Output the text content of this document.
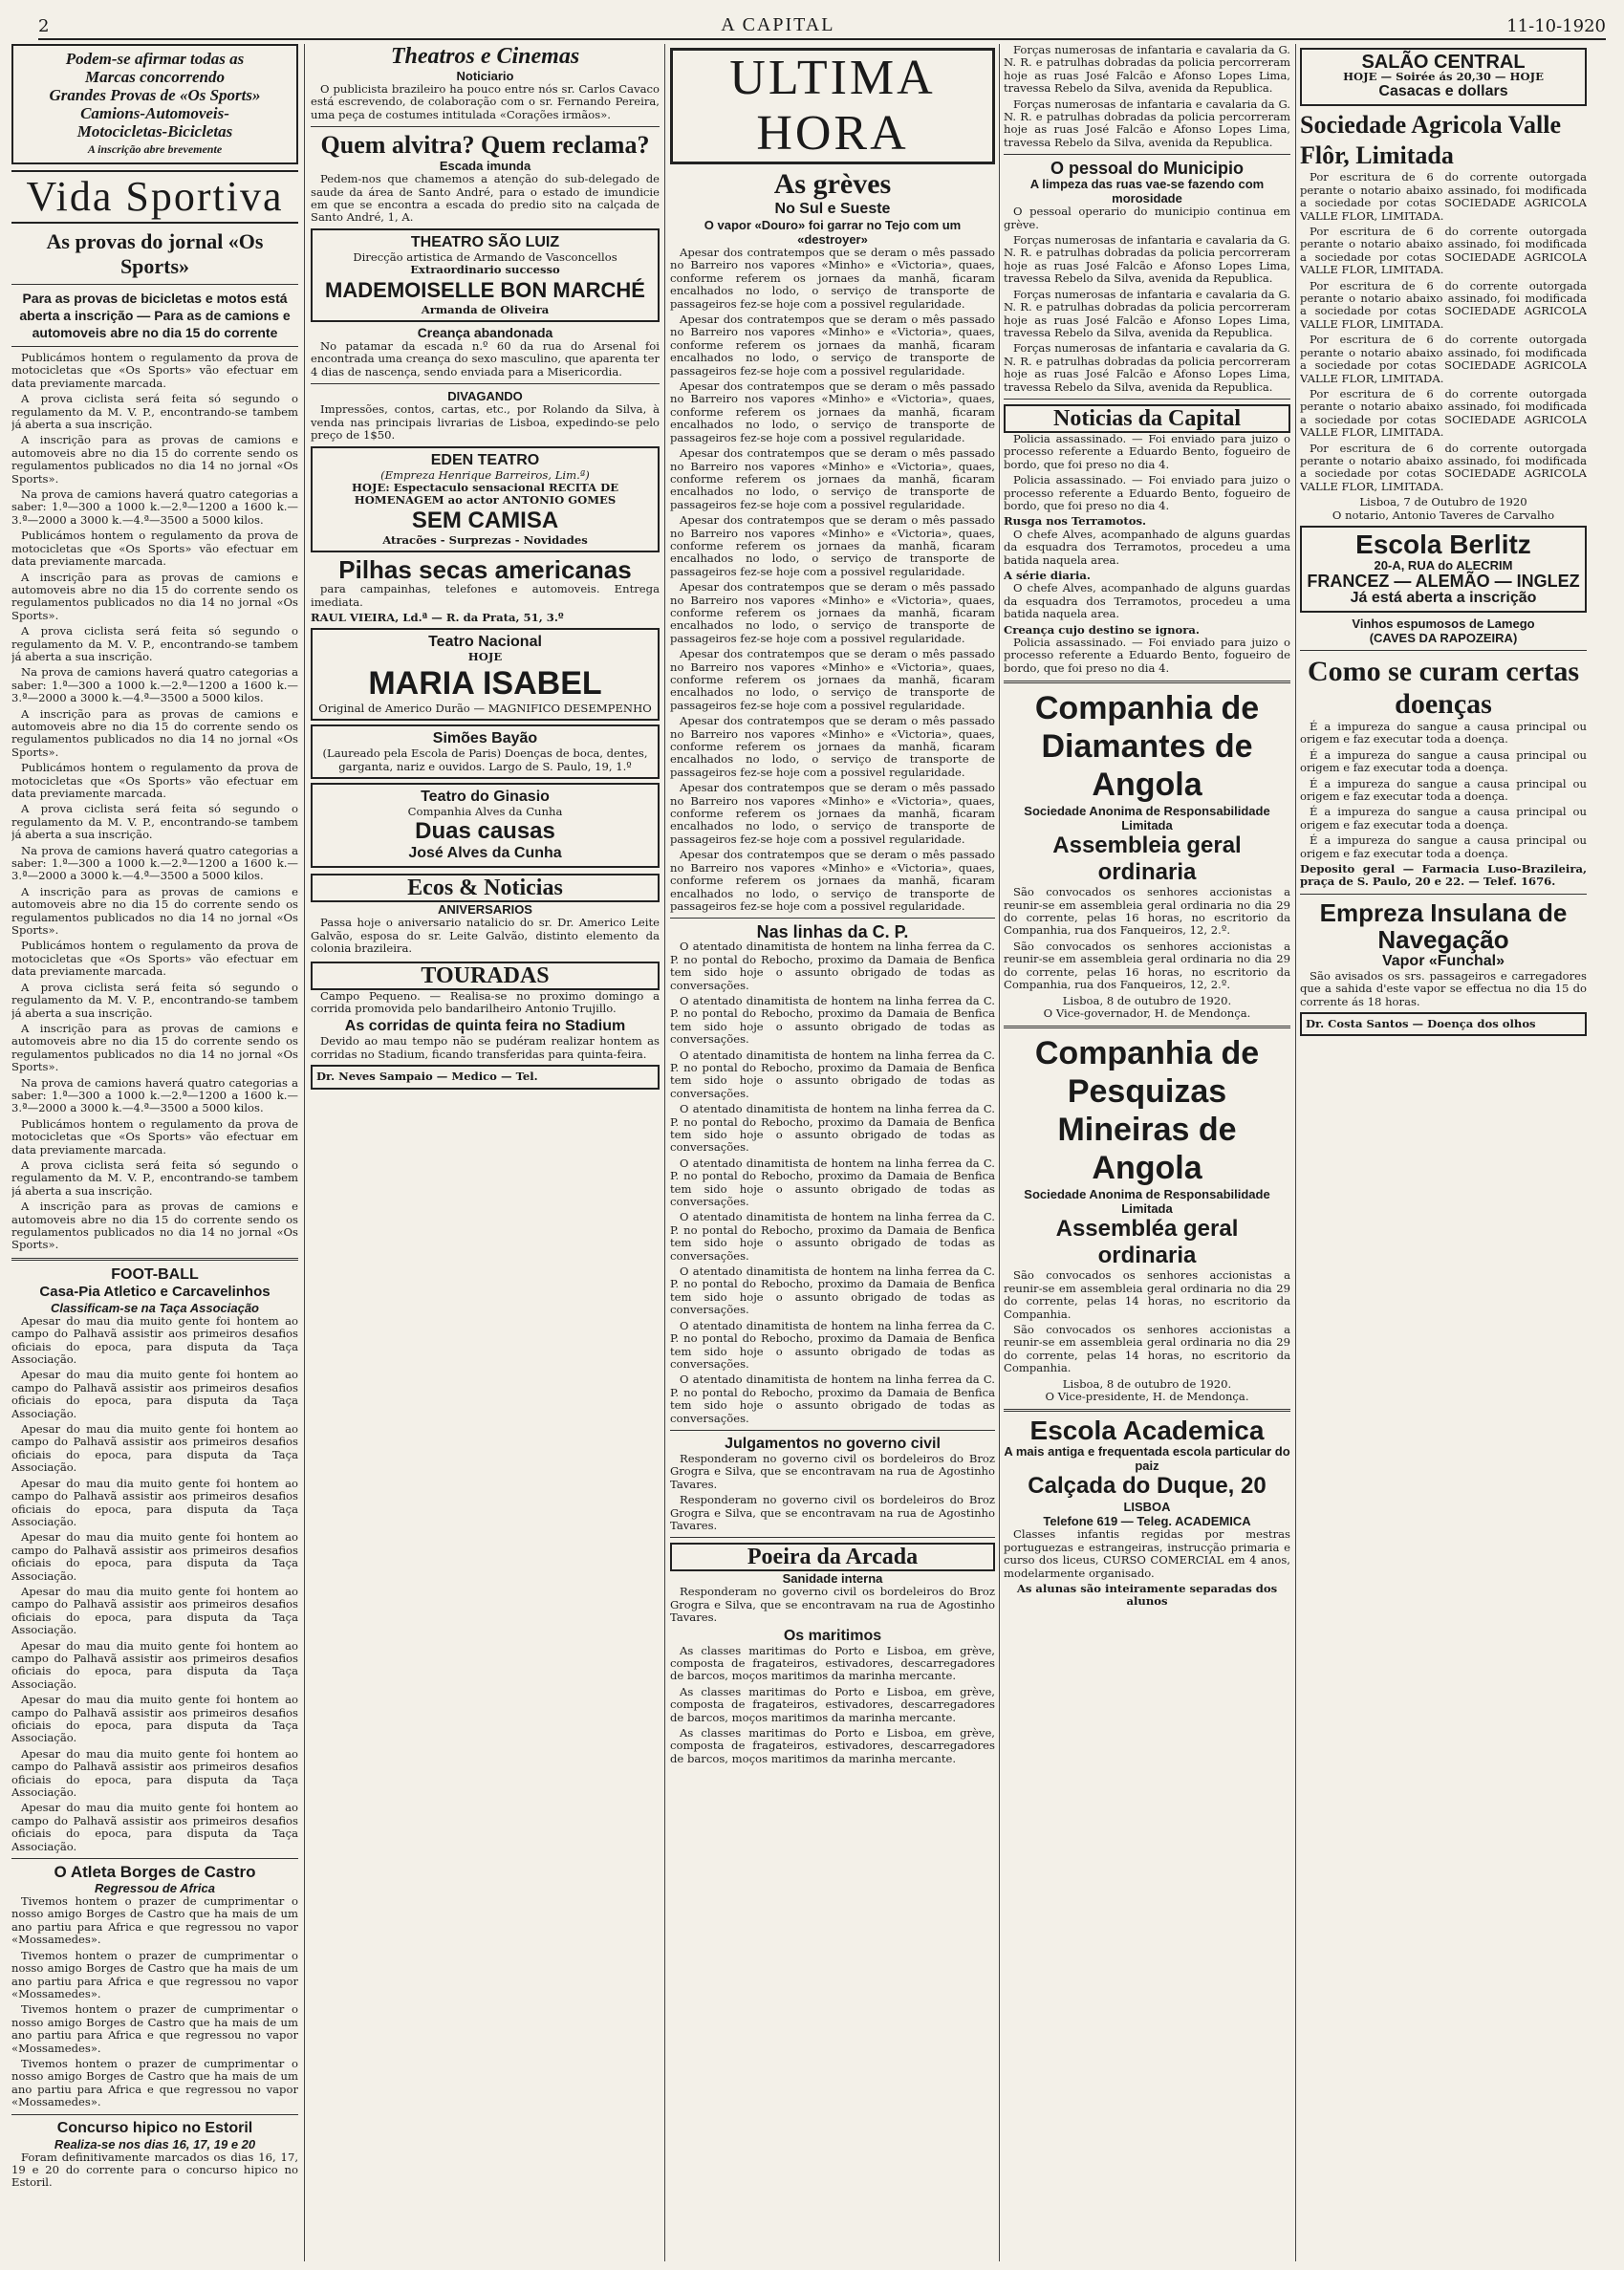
2	A CAPITAL	11-10-1920
Podem-se afirmar todas as
Marcas concorrendo
Grandes Provas de «Os Sports»
Camions-Automoveis-
Motocicletas-Bicicletas
A inscrição abre brevemente
Vida Sportiva
As provas do jornal «Os Sports»
Para as provas de bicicletas e motos está aberta a inscrição — Para as de camions e automoveis abre no dia 15 do corrente

Publicámos hontem o regulamento da prova de motocicletas que «Os Sports» vão efectuar em data previamente marcada.

A prova ciclista será feita só segundo o regulamento da M. V. P., encontrando-se tambem já aberta a sua inscrição.

A inscrição para as provas de camions e automoveis abre no dia 15 do corrente sendo os regulamentos publicados no dia 14 no jornal «Os Sports».

Na prova de camions haverá quatro categorias a saber: 1.ª—300 a 1000 k.—2.ª—1200 a 1600 k.—3.ª—2000 a 3000 k.—4.ª—3500 a 5000 kilos.

Publicámos hontem o regulamento da prova de motocicletas que «Os Sports» vão efectuar em data previamente marcada.

A inscrição para as provas de camions e automoveis abre no dia 15 do corrente sendo os regulamentos publicados no dia 14 no jornal «Os Sports».

A prova ciclista será feita só segundo o regulamento da M. V. P., encontrando-se tambem já aberta a sua inscrição.

Na prova de camions haverá quatro categorias a saber: 1.ª—300 a 1000 k.—2.ª—1200 a 1600 k.—3.ª—2000 a 3000 k.—4.ª—3500 a 5000 kilos.

A inscrição para as provas de camions e automoveis abre no dia 15 do corrente sendo os regulamentos publicados no dia 14 no jornal «Os Sports».

Publicámos hontem o regulamento da prova de motocicletas que «Os Sports» vão efectuar em data previamente marcada.

A prova ciclista será feita só segundo o regulamento da M. V. P., encontrando-se tambem já aberta a sua inscrição.

Na prova de camions haverá quatro categorias a saber: 1.ª—300 a 1000 k.—2.ª—1200 a 1600 k.—3.ª—2000 a 3000 k.—4.ª—3500 a 5000 kilos.

A inscrição para as provas de camions e automoveis abre no dia 15 do corrente sendo os regulamentos publicados no dia 14 no jornal «Os Sports».

Publicámos hontem o regulamento da prova de motocicletas que «Os Sports» vão efectuar em data previamente marcada.

A prova ciclista será feita só segundo o regulamento da M. V. P., encontrando-se tambem já aberta a sua inscrição.

A inscrição para as provas de camions e automoveis abre no dia 15 do corrente sendo os regulamentos publicados no dia 14 no jornal «Os Sports».

Na prova de camions haverá quatro categorias a saber: 1.ª—300 a 1000 k.—2.ª—1200 a 1600 k.—3.ª—2000 a 3000 k.—4.ª—3500 a 5000 kilos.

Publicámos hontem o regulamento da prova de motocicletas que «Os Sports» vão efectuar em data previamente marcada.

A prova ciclista será feita só segundo o regulamento da M. V. P., encontrando-se tambem já aberta a sua inscrição.

A inscrição para as provas de camions e automoveis abre no dia 15 do corrente sendo os regulamentos publicados no dia 14 no jornal «Os Sports».

FOOT-BALL
Casa-Pia Atletico e Carcavelinhos
Classificam-se na Taça Associação

Apesar do mau dia muito gente foi hontem ao campo do Palhavã assistir aos primeiros desafios oficiais do epoca, para disputa da Taça Associação.

Apesar do mau dia muito gente foi hontem ao campo do Palhavã assistir aos primeiros desafios oficiais do epoca, para disputa da Taça Associação.

Apesar do mau dia muito gente foi hontem ao campo do Palhavã assistir aos primeiros desafios oficiais do epoca, para disputa da Taça Associação.

Apesar do mau dia muito gente foi hontem ao campo do Palhavã assistir aos primeiros desafios oficiais do epoca, para disputa da Taça Associação.

Apesar do mau dia muito gente foi hontem ao campo do Palhavã assistir aos primeiros desafios oficiais do epoca, para disputa da Taça Associação.

Apesar do mau dia muito gente foi hontem ao campo do Palhavã assistir aos primeiros desafios oficiais do epoca, para disputa da Taça Associação.

Apesar do mau dia muito gente foi hontem ao campo do Palhavã assistir aos primeiros desafios oficiais do epoca, para disputa da Taça Associação.

Apesar do mau dia muito gente foi hontem ao campo do Palhavã assistir aos primeiros desafios oficiais do epoca, para disputa da Taça Associação.

Apesar do mau dia muito gente foi hontem ao campo do Palhavã assistir aos primeiros desafios oficiais do epoca, para disputa da Taça Associação.

Apesar do mau dia muito gente foi hontem ao campo do Palhavã assistir aos primeiros desafios oficiais do epoca, para disputa da Taça Associação.

O Atleta Borges de Castro
Regressou de Africa

Tivemos hontem o prazer de cumprimentar o nosso amigo Borges de Castro que ha mais de um ano partiu para Africa e que regressou no vapor «Mossamedes».

Tivemos hontem o prazer de cumprimentar o nosso amigo Borges de Castro que ha mais de um ano partiu para Africa e que regressou no vapor «Mossamedes».

Tivemos hontem o prazer de cumprimentar o nosso amigo Borges de Castro que ha mais de um ano partiu para Africa e que regressou no vapor «Mossamedes».

Tivemos hontem o prazer de cumprimentar o nosso amigo Borges de Castro que ha mais de um ano partiu para Africa e que regressou no vapor «Mossamedes».

Concurso hipico no Estoril
Realiza-se nos dias 16, 17, 19 e 20

Foram definitivamente marcados os dias 16, 17, 19 e 20 do corrente para o concurso hipico no Estoril.

Theatros e Cinemas
Noticiario

O publicista brazileiro ha pouco entre nós sr. Carlos Cavaco está escrevendo, de colaboração com o sr. Fernando Pereira, uma peça de costumes intitulada «Corações irmãos».

Quem alvitra? Quem reclama?
Escada imunda

Pedem-nos que chamemos a atenção do sub-delegado de saude da área de Santo André, para o estado de imundicie em que se encontra a escada do predio sito na calçada de Santo André, 1, A.

THEATRO SÃO LUIZ
Direcção artistica de Armando de Vasconcellos
Extraordinario successo
MADEMOISELLE BON MARCHÉ
Armanda de Oliveira
Creança abandonada

No patamar da escada n.º 60 da rua do Arsenal foi encontrada uma creança do sexo masculino, que aparenta ter 4 dias de nascença, sendo enviada para a Misericordia.

DIVAGANDO

Impressões, contos, cartas, etc., por Rolando da Silva, à venda nas principais livrarias de Lisboa, expedindo-se pelo preço de 1$50.

EDEN TEATRO
(Empreza Henrique Barreiros, Lim.ª)
HOJE: Espectaculo sensacional RECITA DE HOMENAGEM ao actor ANTONIO GOMES
SEM CAMISA
Atracões - Surprezas - Novidades
Pilhas secas americanas

para campainhas, telefones e automoveis. Entrega imediata.

RAUL VIEIRA, Ld.ª — R. da Prata, 51, 3.º
Teatro Nacional
HOJE
MARIA ISABEL
Original de Americo Durão — MAGNIFICO DESEMPENHO
Simões Bayão
(Laureado pela Escola de Paris) Doenças de boca, dentes, garganta, nariz e ouvidos. Largo de S. Paulo, 19, 1.º
Teatro do Ginasio
Companhia Alves da Cunha
Duas causas
José Alves da Cunha
Ecos & Noticias
ANIVERSARIOS

Passa hoje o aniversario natalicio do sr. Dr. Americo Leite Galvão, esposa do sr. Leite Galvão, distinto elemento da colonia brazileira.

TOURADAS

Campo Pequeno. — Realisa-se no proximo domingo a corrida promovida pelo bandarilheiro Antonio Trujillo.

As corridas de quinta feira no Stadium

Devido ao mau tempo não se pudéram realizar hontem as corridas no Stadium, ficando transferidas para quinta-feira.

Dr. Neves Sampaio — Medico — Tel.
ULTIMA HORA
As grèves
No Sul e Sueste
O vapor «Douro» foi garrar no Tejo com um «destroyer»

Apesar dos contratempos que se deram o mês passado no Barreiro nos vapores «Minho» e «Victoria», quaes, conforme referem os jornaes da manhã, ficaram encalhados no lodo, o serviço de transporte de passageiros fez-se hoje com a possivel regularidade.

Apesar dos contratempos que se deram o mês passado no Barreiro nos vapores «Minho» e «Victoria», quaes, conforme referem os jornaes da manhã, ficaram encalhados no lodo, o serviço de transporte de passageiros fez-se hoje com a possivel regularidade.

Apesar dos contratempos que se deram o mês passado no Barreiro nos vapores «Minho» e «Victoria», quaes, conforme referem os jornaes da manhã, ficaram encalhados no lodo, o serviço de transporte de passageiros fez-se hoje com a possivel regularidade.

Apesar dos contratempos que se deram o mês passado no Barreiro nos vapores «Minho» e «Victoria», quaes, conforme referem os jornaes da manhã, ficaram encalhados no lodo, o serviço de transporte de passageiros fez-se hoje com a possivel regularidade.

Apesar dos contratempos que se deram o mês passado no Barreiro nos vapores «Minho» e «Victoria», quaes, conforme referem os jornaes da manhã, ficaram encalhados no lodo, o serviço de transporte de passageiros fez-se hoje com a possivel regularidade.

Apesar dos contratempos que se deram o mês passado no Barreiro nos vapores «Minho» e «Victoria», quaes, conforme referem os jornaes da manhã, ficaram encalhados no lodo, o serviço de transporte de passageiros fez-se hoje com a possivel regularidade.

Apesar dos contratempos que se deram o mês passado no Barreiro nos vapores «Minho» e «Victoria», quaes, conforme referem os jornaes da manhã, ficaram encalhados no lodo, o serviço de transporte de passageiros fez-se hoje com a possivel regularidade.

Apesar dos contratempos que se deram o mês passado no Barreiro nos vapores «Minho» e «Victoria», quaes, conforme referem os jornaes da manhã, ficaram encalhados no lodo, o serviço de transporte de passageiros fez-se hoje com a possivel regularidade.

Apesar dos contratempos que se deram o mês passado no Barreiro nos vapores «Minho» e «Victoria», quaes, conforme referem os jornaes da manhã, ficaram encalhados no lodo, o serviço de transporte de passageiros fez-se hoje com a possivel regularidade.

Apesar dos contratempos que se deram o mês passado no Barreiro nos vapores «Minho» e «Victoria», quaes, conforme referem os jornaes da manhã, ficaram encalhados no lodo, o serviço de transporte de passageiros fez-se hoje com a possivel regularidade.

Nas linhas da C. P.

O atentado dinamitista de hontem na linha ferrea da C. P. no pontal do Rebocho, proximo da Damaia de Benfica tem sido hoje o assunto obrigado de todas as conversações.

O atentado dinamitista de hontem na linha ferrea da C. P. no pontal do Rebocho, proximo da Damaia de Benfica tem sido hoje o assunto obrigado de todas as conversações.

O atentado dinamitista de hontem na linha ferrea da C. P. no pontal do Rebocho, proximo da Damaia de Benfica tem sido hoje o assunto obrigado de todas as conversações.

O atentado dinamitista de hontem na linha ferrea da C. P. no pontal do Rebocho, proximo da Damaia de Benfica tem sido hoje o assunto obrigado de todas as conversações.

O atentado dinamitista de hontem na linha ferrea da C. P. no pontal do Rebocho, proximo da Damaia de Benfica tem sido hoje o assunto obrigado de todas as conversações.

O atentado dinamitista de hontem na linha ferrea da C. P. no pontal do Rebocho, proximo da Damaia de Benfica tem sido hoje o assunto obrigado de todas as conversações.

O atentado dinamitista de hontem na linha ferrea da C. P. no pontal do Rebocho, proximo da Damaia de Benfica tem sido hoje o assunto obrigado de todas as conversações.

O atentado dinamitista de hontem na linha ferrea da C. P. no pontal do Rebocho, proximo da Damaia de Benfica tem sido hoje o assunto obrigado de todas as conversações.

O atentado dinamitista de hontem na linha ferrea da C. P. no pontal do Rebocho, proximo da Damaia de Benfica tem sido hoje o assunto obrigado de todas as conversações.

Julgamentos no governo civil

Responderam no governo civil os bordeleiros do Broz Grogra e Silva, que se encontravam na rua de Agostinho Tavares.

Responderam no governo civil os bordeleiros do Broz Grogra e Silva, que se encontravam na rua de Agostinho Tavares.

Poeira da Arcada
Sanidade interna

Responderam no governo civil os bordeleiros do Broz Grogra e Silva, que se encontravam na rua de Agostinho Tavares.

Os maritimos

As classes maritimas do Porto e Lisboa, em grève, composta de fragateiros, estivadores, descarregadores de barcos, moços maritimos da marinha mercante.

As classes maritimas do Porto e Lisboa, em grève, composta de fragateiros, estivadores, descarregadores de barcos, moços maritimos da marinha mercante.

As classes maritimas do Porto e Lisboa, em grève, composta de fragateiros, estivadores, descarregadores de barcos, moços maritimos da marinha mercante.

Forças numerosas de infantaria e cavalaria da G. N. R. e patrulhas dobradas da policia percorreram hoje as ruas José Falcão e Afonso Lopes Lima, travessa Rebelo da Silva, avenida da Republica.

Forças numerosas de infantaria e cavalaria da G. N. R. e patrulhas dobradas da policia percorreram hoje as ruas José Falcão e Afonso Lopes Lima, travessa Rebelo da Silva, avenida da Republica.

O pessoal do Municipio
A limpeza das ruas vae-se fazendo com morosidade

O pessoal operario do municipio continua em grève.

Forças numerosas de infantaria e cavalaria da G. N. R. e patrulhas dobradas da policia percorreram hoje as ruas José Falcão e Afonso Lopes Lima, travessa Rebelo da Silva, avenida da Republica.

Forças numerosas de infantaria e cavalaria da G. N. R. e patrulhas dobradas da policia percorreram hoje as ruas José Falcão e Afonso Lopes Lima, travessa Rebelo da Silva, avenida da Republica.

Forças numerosas de infantaria e cavalaria da G. N. R. e patrulhas dobradas da policia percorreram hoje as ruas José Falcão e Afonso Lopes Lima, travessa Rebelo da Silva, avenida da Republica.

Noticias da Capital

Policia assassinado. — Foi enviado para juizo o processo referente a Eduardo Bento, fogueiro de bordo, que foi preso no dia 4.

Policia assassinado. — Foi enviado para juizo o processo referente a Eduardo Bento, fogueiro de bordo, que foi preso no dia 4.

Rusga nos Terramotos.

O chefe Alves, acompanhado de alguns guardas da esquadra dos Terramotos, procedeu a uma batida naquela area.

A série diaria.

O chefe Alves, acompanhado de alguns guardas da esquadra dos Terramotos, procedeu a uma batida naquela area.

Creança cujo destino se ignora.

Policia assassinado. — Foi enviado para juizo o processo referente a Eduardo Bento, fogueiro de bordo, que foi preso no dia 4.

Companhia de Diamantes de Angola
Sociedade Anonima de Responsabilidade Limitada
Assembleia geral ordinaria

São convocados os senhores accionistas a reunir-se em assembleia geral ordinaria no dia 29 do corrente, pelas 16 horas, no escritorio da Companhia, rua dos Fanqueiros, 12, 2.º.

São convocados os senhores accionistas a reunir-se em assembleia geral ordinaria no dia 29 do corrente, pelas 16 horas, no escritorio da Companhia, rua dos Fanqueiros, 12, 2.º.

Lisboa, 8 de outubro de 1920.
O Vice-governador, H. de Mendonça.
Companhia de Pesquizas Mineiras de Angola
Sociedade Anonima de Responsabilidade Limitada
Assembléa geral ordinaria

São convocados os senhores accionistas a reunir-se em assembleia geral ordinaria no dia 29 do corrente, pelas 14 horas, no escritorio da Companhia.

São convocados os senhores accionistas a reunir-se em assembleia geral ordinaria no dia 29 do corrente, pelas 14 horas, no escritorio da Companhia.

Lisboa, 8 de outubro de 1920.
O Vice-presidente, H. de Mendonça.
Escola Academica
A mais antiga e frequentada escola particular do paiz
Calçada do Duque, 20
LISBOA
Telefone 619 — Teleg. ACADEMICA

Classes infantis regidas por mestras portuguezas e estrangeiras, instrucção primaria e curso dos liceus, CURSO COMERCIAL em 4 anos, modelarmente organisado.

As alunas são inteiramente separadas dos alunos
SALÃO CENTRAL
HOJE — Soirée ás 20,30 — HOJE
Casacas e dollars
Sociedade Agricola Valle Flôr, Limitada

Por escritura de 6 do corrente outorgada perante o notario abaixo assinado, foi modificada a sociedade por cotas SOCIEDADE AGRICOLA VALLE FLOR, LIMITADA.

Por escritura de 6 do corrente outorgada perante o notario abaixo assinado, foi modificada a sociedade por cotas SOCIEDADE AGRICOLA VALLE FLOR, LIMITADA.

Por escritura de 6 do corrente outorgada perante o notario abaixo assinado, foi modificada a sociedade por cotas SOCIEDADE AGRICOLA VALLE FLOR, LIMITADA.

Por escritura de 6 do corrente outorgada perante o notario abaixo assinado, foi modificada a sociedade por cotas SOCIEDADE AGRICOLA VALLE FLOR, LIMITADA.

Por escritura de 6 do corrente outorgada perante o notario abaixo assinado, foi modificada a sociedade por cotas SOCIEDADE AGRICOLA VALLE FLOR, LIMITADA.

Por escritura de 6 do corrente outorgada perante o notario abaixo assinado, foi modificada a sociedade por cotas SOCIEDADE AGRICOLA VALLE FLOR, LIMITADA.

Lisboa, 7 de Outubro de 1920
O notario, Antonio Taveres de Carvalho
Escola Berlitz
20-A, RUA do ALECRIM
FRANCEZ — ALEMÃO — INGLEZ
Já está aberta a inscrição
Vinhos espumosos de Lamego
(CAVES DA RAPOZEIRA)
Como se curam certas doenças

É a impureza do sangue a causa principal ou origem e faz executar toda a doença.

É a impureza do sangue a causa principal ou origem e faz executar toda a doença.

É a impureza do sangue a causa principal ou origem e faz executar toda a doença.

É a impureza do sangue a causa principal ou origem e faz executar toda a doença.

É a impureza do sangue a causa principal ou origem e faz executar toda a doença.

Deposito geral — Farmacia Luso-Brazileira, praça de S. Paulo, 20 e 22. — Telef. 1676.
Empreza Insulana de Navegação
Vapor «Funchal»

São avisados os srs. passageiros e carregadores que a sahida d'este vapor se effectua no dia 15 do corrente ás 18 horas.

Dr. Costa Santos — Doença dos olhos
